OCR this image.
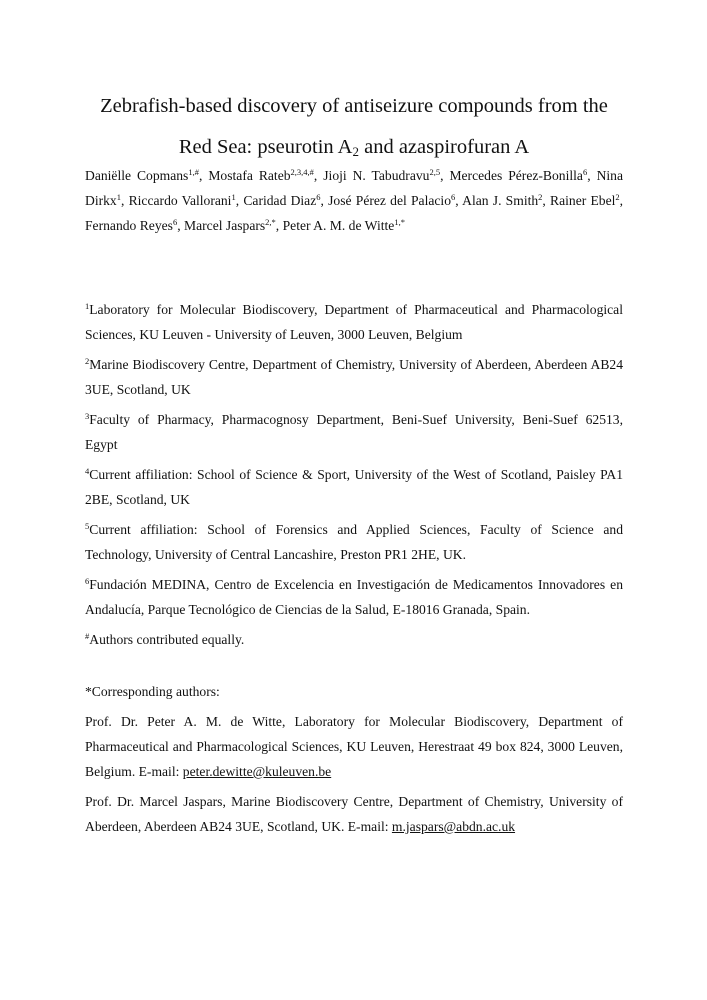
Zebrafish-based discovery of antiseizure compounds from the
Red Sea: pseurotin $A_2$ and azaspirofuran A

Daniëlle Copmans$^{1,\#}$, Mostafa Rateb$^{2,3,4,\#}$, Jioji N. Tabudravu$^{2,5}$, Mercedes Pérez-Bonilla$^6$, Nina Dirkx$^1$, Riccardo Vallorani$^1$, Caridad Diaz$^6$, José Pérez del Palacio$^6$, Alan J. Smith$^2$, Rainer Ebel$^2$, Fernando Reyes$^6$, Marcel Jaspars$^{2,*}$, Peter A. M. de Witte$^{1,*}$

$^1$Laboratory for Molecular Biodiscovery, Department of Pharmaceutical and Pharmacological Sciences, KU Leuven - University of Leuven, 3000 Leuven, Belgium

$^2$Marine Biodiscovery Centre, Department of Chemistry, University of Aberdeen, Aberdeen AB24 3UE, Scotland, UK

$^3$Faculty of Pharmacy, Pharmacognosy Department, Beni-Suef University, Beni-Suef 62513, Egypt

$^4$Current affiliation: School of Science & Sport, University of the West of Scotland, Paisley PA1 2BE, Scotland, UK

$^5$Current affiliation: School of Forensics and Applied Sciences, Faculty of Science and Technology, University of Central Lancashire, Preston PR1 2HE, UK.

$^6$Fundación MEDINA, Centro de Excelencia en Investigación de Medicamentos Innovadores en Andalucía, Parque Tecnológico de Ciencias de la Salud, E-18016 Granada, Spain.

#Authors contributed equally.

*Corresponding authors:

Prof. Dr. Peter A. M. de Witte, Laboratory for Molecular Biodiscovery, Department of Pharmaceutical and Pharmacological Sciences, KU Leuven, Herestraat 49 box 824, 3000 Leuven, Belgium. E-mail: peter.dewitte@kuleuven.be

Prof. Dr. Marcel Jaspars, Marine Biodiscovery Centre, Department of Chemistry, University of Aberdeen, Aberdeen AB24 3UE, Scotland, UK. E-mail: m.jaspars@abdn.ac.uk
